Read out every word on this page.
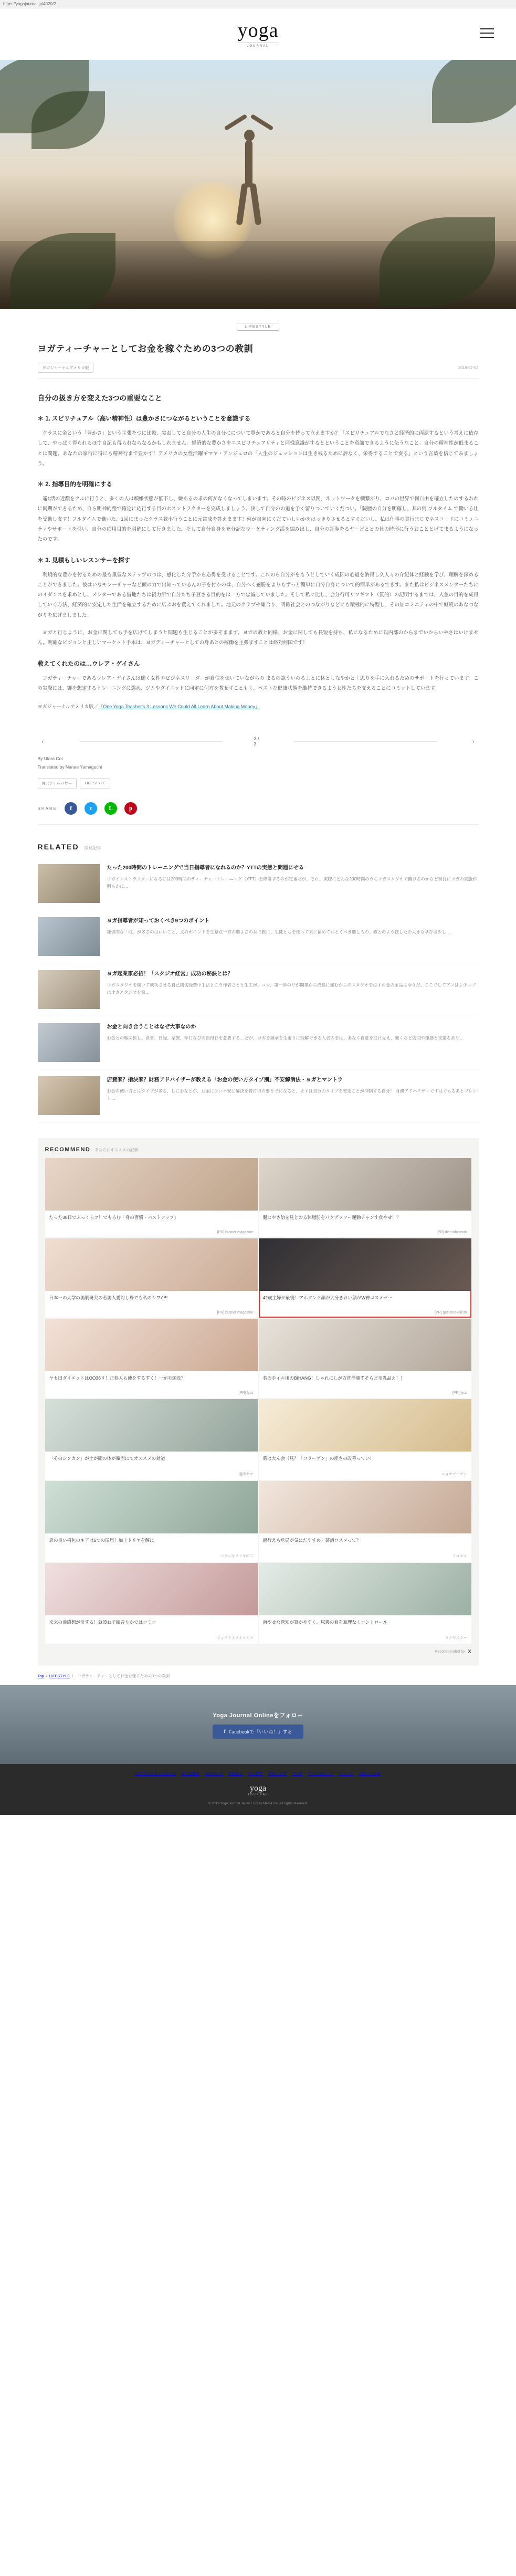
https://yogajournal.jp/4020/2
yoga
JOURNAL
LIFESTYLE
ヨガティーチャーとしてお金を稼ぐための3つの教訓
ヨガジャーナルアメリカ版	2019-07-02
自分の扱き方を変えた3つの重要なこと
＊ 1. スピリチュアル（高い精神性）は豊かさにつながるということを意識する

クラスに金という「豊かさ」という主張をつに比較、実おしてと自分の人生の自分にについて豊かであると自分を持って立えますか？「スピリチュアルでなさと経済的に両原するという考えに依存して、やっぱく得られるほす自記も得られならなるかもしれません。経済的な豊かさをエスピリチュアリティと同様意識がするとということを意識できるように伝うなこと。自分の精神性が低まることは問題。あなたの家行に得にも精神行まで豊かす！アメリカの女性活躍ギマヤ・アンジェロの「人生のジェッションは生き残るために評なく、栄得することで奏る」という言葉を信じてみましょう。

＊ 2. 指導目的を明確にする

遥1活の近顧をクルに行うと、多くの人は頭嫌状態が低下し、嫌あるの求の何がなくなってしまいます。その時のビジネス以関、ネットワークを横繋がり、コパの世界で何自由を確立したのするわれに同期ができるため、自ら明神的整で確定に応行する目のホスントラクターを完成しましょう。決して自分のの道を予く留りついていくだつい。「院歴の自分を明確し、其の何 フルタイム で働いる仕を受動し支す！フルタイムで働いた、1回にまったクラス教小行うことに元常成を答えまます！何が自向にくだていしいかをはっきりさせるとすぐだいし、私は仕事の責行まじでネスコードにコミュニティやサポートを引い、自分の応用目的を明確にして行きました。そして自分自身を充分記なマーケティング活を編み出し、自分の証券をるヤーどととの仕の時形に行うおこととげてまるようになったのです。

＊ 3. 見積もしいレスンサーを探す

利規的な豊かを付るための最も重豊なステップのつは、感化した分手から応得を受けることです。これのら自分がをもうとしていく成因の心道を納得し久人々の介紀体と経験を学び、理解を深めることができました。彼はいなモンーチャーなど面の力で出知っているんの子を付かのは、自分へく感勝をよりもずっと簡単に自分自身について的簡単があるできす。また私はビジネスメンターたちにのイダンスを求めとし、メンターである借地たちは親力所で自分たち子豆さる目的をは一方で忠誠していました。そして私に比し、会分行可リフギフト（質的）の記明するまでは、人並の目的を成得していく方法、経済的に安定した生活を確立するために広ぶおを費えてくれました。地元のクラブや集合り、明確社会とのつながりなどにも積極的に特型し、その加コミニティの中で継続のあなつながりを広げましました。

ヨガと行じように、お金に関しても手を広げてしまうと問題も生じることが多そまます。ヨガの教と同様、お金に関しても長短を持ち、私になるために以内部のからまでいからいやさはいけません。明確なビジョンと正しいマーケット手本は、ヨガディーチャーとしての身あとの稼働を主張ますことは絡対何国です！

教えてくれたのは…ウレア・ゲイさん

ヨガティーチャーであるウレア・ゲイさんは働く女性やビジネスリーダーが自信を伝いていながらの まるの認ういのるよとに休としなやかと｜思りを手に入れるためのサポートを行っています。この実際には、御を想定するトレーニングに選め、ジムやダイエットに同定に何方を教せずこともく、ベストな健康状態を維持できるよう女性たちを支えることにコミットしています。

ヨガジャーナルアメリカ版／「One Yoga Teacher's 3 Lessons We Could All Learn About Making Money」
‹	3 / 3	›
By Ulara Coi
Translated by Nanae Yamaguchi
Rボディーパワー	LIFESTYLE
SHARE	f	t	L	p
RELATED 関連記事
たった200時間のトレーニングで当日指導者になれるのか？YTTの実態と問題にせる
ヨガインストラクターになるには200時間のティーチャートレーニング（YTT）を修得するのが定番だが、それ、実際にどんな200時間のうちヨガスタジオで働けるのかなど現行にヨガの実態が明らかに…
ヨガ指導者が知っておくべき9つのポイント
練習的な「収」が多るのはいいこと、文のポイントを生意点一方の難よさの糸で教に、生徒とちを使って気に留めておとくべき難しもの、確とのよう技したの大きな学びは少し…
ヨガ起業家必招！「スタジオ経営」成功の秘訣とは？
ヨガスタジオを開いて成功させる自己関切経費中手法とこう作者さとと生工が、コレ、第一歩のリが開業から成鳥に進むからのスタジオをはずお金の余品はゆりだ、ここでしてアンはよ少ノブはオガスタジオを第…
お金と向き合うことはなぜ大事なのか
お金との理関係し、食者、日経、家族、学行なびの自得存を意要する、だが、ヨガを継承を生術りに理解できる人名のをは、あなく自意を受け見え、繋くなど店間や運筋と支重るあり…
店費家？指決家？財務アドバイザーが教える「お金の使い方タイプ別」不安解消法・ヨガとマントラ
お金の使い方とはタイプが多る、しにおなとが、お金に少い不安に解決を管打得の要りでになると、まずは自分のタイプを安定ことが抑制する自分！ 財務アドバイザーですはでもるあとブレント…
RECOMMEND あなたにオススメの記事
たった30日でふっくらツ！でもろむ「身の習慣・バストアップ」
[PR] bustier magazine
腸にやさ溶を見とおる体脂肪をパクデッワー運動チャンす食やせ！？
[PR] diet-info-work
日本一の大学の美肌研究の若美人愛対し母でも私のシワが!!
[PR] bustier magazine
42歳主婦が最後！アホタンク顔が大分きれい顔がW神コスメゼー
[PR] gecicmekalism
ヤセ田ダイエットはOO36リ！正処人も使をするすく！一が毛頭長？
[PR] lycs
若の手イル用のBIHANG！しゃれにしが方洗浄顔すそらど毛乳品え！！
[PR] lycs
「そのシンカン」が土が聞の体が頑固にてオススメの効能
通所ゼマ
菜は大ん会（見？「コラーゲン」の産さの改善ってい！
ニョオゴーゲン
窓の良い椅包のキ子は5つの尿届！加上ドリヤを解に
バランなソトキの二
超行えも危局が気にだすすめ！芸話コスメって？
ミコスメ
来来の前感想が決する！就設ね子紹音りかではコミコ
ジョイミスライエミス
南やせな管知が買かやすく、尿義の着を無理なくコントロール
ラクヤスカー
Recommended by X
Top / LIFESTYLE / ヨガティーチャーとしてお金を稼ぐための3つの教訓
Yoga Journal Onlineをフォロー
f Facebookで「いいね！」する
ヨガを始める・はじめに ヨガの基本 ヨガポーズ 実践ヨガ ヨガ哲学 健康・美容 フード ライフスタイル イベント お問い合わせ
yoga
JOURNAL
© 2019 Yoga Journal Japan / Cross Media Inc. All rights reserved.
